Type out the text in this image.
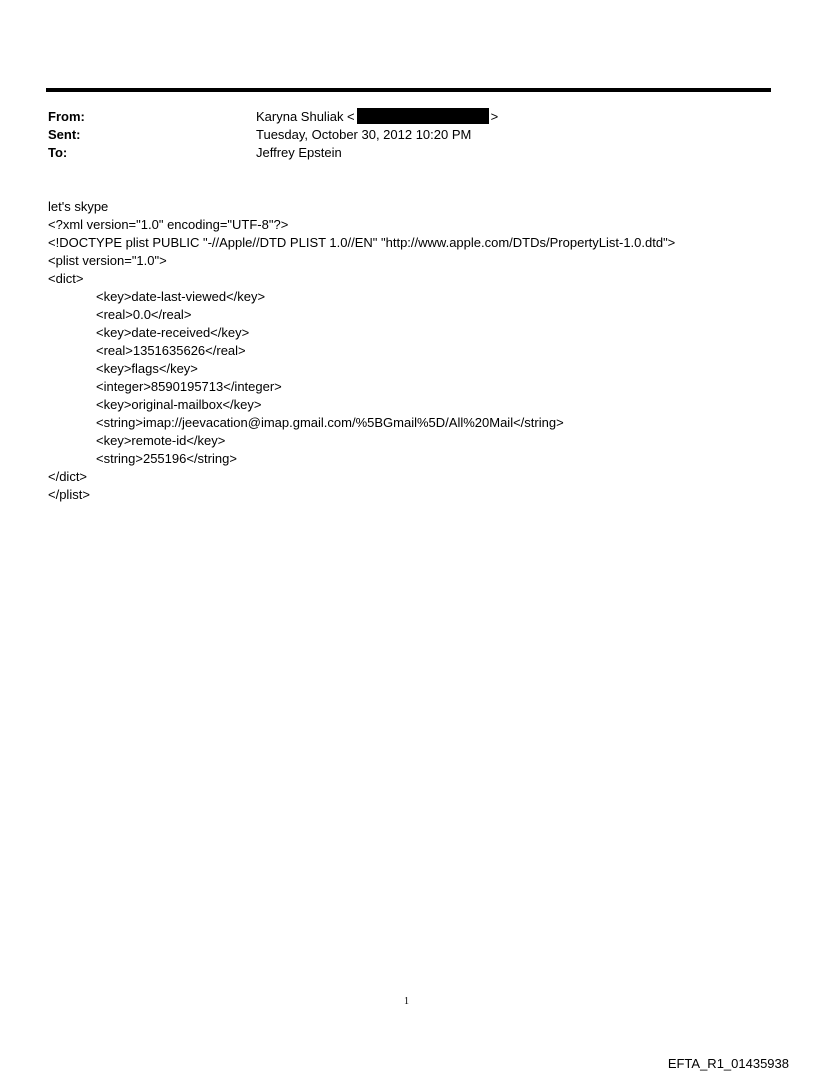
From:	Karyna Shuliak <	>
Sent:	Tuesday, October 30, 2012 10:20 PM
To:	Jeffrey Epstein
let's skype
<?xml version="1.0" encoding="UTF-8"?>
<!DOCTYPE plist PUBLIC "-//Apple//DTD PLIST 1.0//EN" "http://www.apple.com/DTDs/PropertyList-1.0.dtd">
<plist version="1.0">
<dict>
<key>date-last-viewed</key>
<real>0.0</real>
<key>date-received</key>
<real>1351635626</real>
<key>flags</key>
<integer>8590195713</integer>
<key>original-mailbox</key>
<string>imap://jeevacation@imap.gmail.com/%5BGmail%5D/All%20Mail</string>
<key>remote-id</key>
<string>255196</string>
</dict>
</plist>
1
EFTA_R1_01435938
